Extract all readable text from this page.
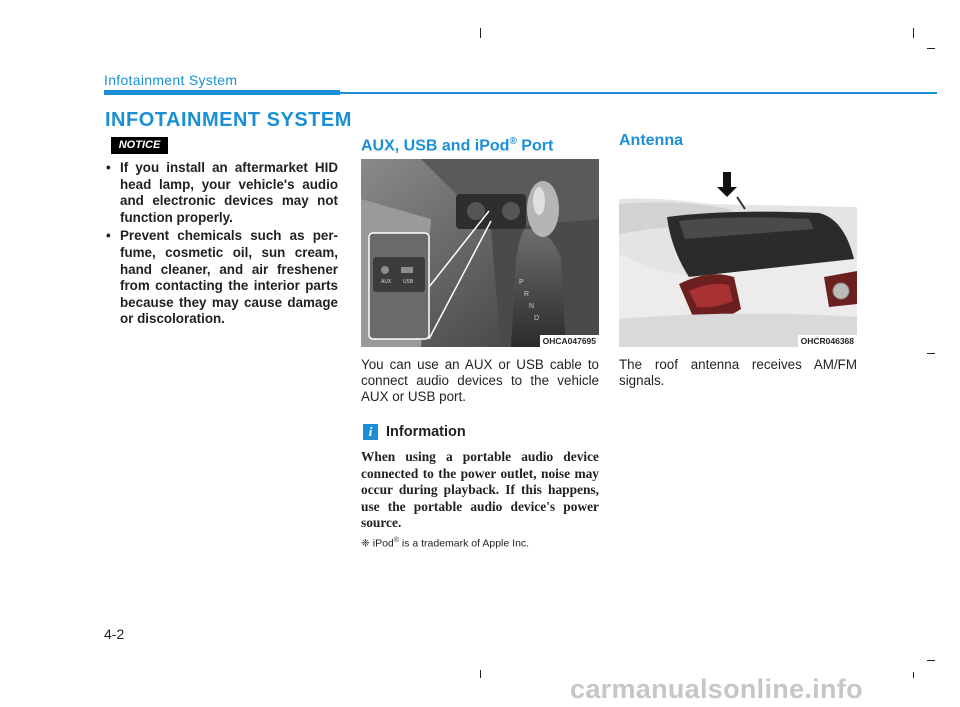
Infotainment System
INFOTAINMENT SYSTEM
NOTICE
• If you install an aftermarket HID head lamp, your vehicle's audio and electronic devices may not function properly.
• Prevent chemicals such as per-fume, cosmetic oil, sun cream, hand cleaner, and air freshener from contacting the interior parts because they may cause damage or discoloration.
AUX, USB and iPod® Port
AUX USB	P
R
N
D
OHCA047695
You can use an AUX or USB cable to connect audio devices to the vehicle AUX or USB port.
i Information
When using a portable audio device connected to the power outlet, noise may occur during playback. If this happens, use the portable audio device's power source.
❈ iPod® is a trademark of Apple Inc.
Antenna
OHCR046368
The roof antenna receives AM/FM signals.
4-2
carmanualsonline.info
